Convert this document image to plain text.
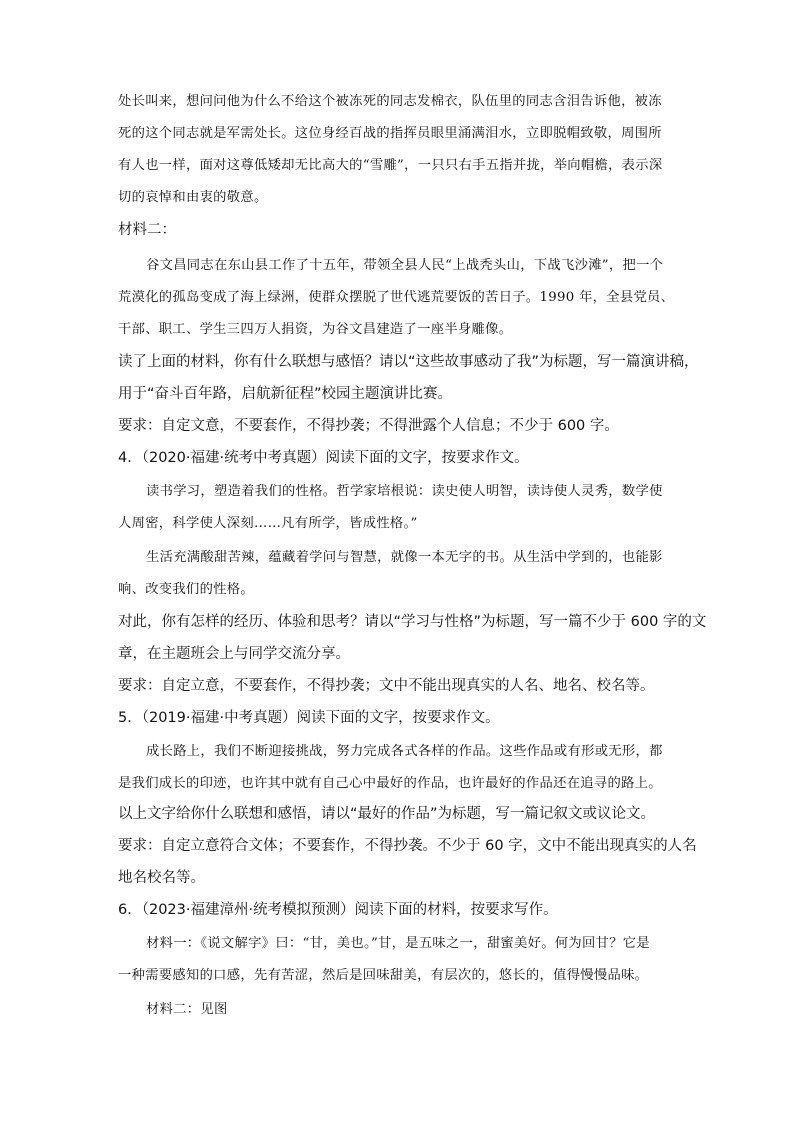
处长叫来，想问问他为什么不给这个被冻死的同志发棉衣，队伍里的同志含泪告诉他，被冻
死的这个同志就是军需处长。这位身经百战的指挥员眼里涌满泪水，立即脱帽致敬，周围所
有人也一样，面对这尊低矮却无比高大的“雪雕”，一只只右手五指并拢，举向帽檐，表示深
切的哀悼和由衷的敬意。
材料二：
谷文昌同志在东山县工作了十五年，带领全县人民“上战秃头山，下战飞沙滩”，把一个
荒漠化的孤岛变成了海上绿洲，使群众摆脱了世代逃荒要饭的苦日子。1990 年，全县党员、
干部、职工、学生三四万人捐资，为谷文昌建造了一座半身雕像。
读了上面的材料，你有什么联想与感悟？请以“这些故事感动了我”为标题，写一篇演讲稿，
用于“奋斗百年路，启航新征程”校园主题演讲比赛。
要求：自定文意，不要套作，不得抄袭；不得泄露个人信息；不少于 600 字。
4．（2020·福建·统考中考真题）阅读下面的文字，按要求作文。
读书学习，塑造着我们的性格。哲学家培根说：读史使人明智，读诗使人灵秀，数学使
人周密，科学使人深刻……凡有所学，皆成性格。”
生活充满酸甜苦辣，蕴藏着学问与智慧，就像一本无字的书。从生活中学到的，也能影
响、改变我们的性格。
对此，你有怎样的经历、体验和思考？请以“学习与性格”为标题，写一篇不少于 600 字的文
章，在主题班会上与同学交流分享。
要求：自定立意，不要套作，不得抄袭；文中不能出现真实的人名、地名、校名等。
5．（2019·福建·中考真题）阅读下面的文字，按要求作文。
成长路上，我们不断迎接挑战，努力完成各式各样的作品。这些作品或有形或无形，都
是我们成长的印迹，也许其中就有自己心中最好的作品，也许最好的作品还在追寻的路上。
以上文字给你什么联想和感悟，请以“最好的作品”为标题，写一篇记叙文或议论文。
要求：自定立意符合文体；不要套作，不得抄袭。不少于 60 字，文中不能出现真实的人名
地名校名等。
6．（2023·福建漳州·统考模拟预测）阅读下面的材料，按要求写作。
材料一：《说文解字》曰：“甘，美也。”甘，是五味之一，甜蜜美好。何为回甘？它是
一种需要感知的口感，先有苦涩，然后是回味甜美，有层次的，悠长的，值得慢慢品味。
材料二：见图
